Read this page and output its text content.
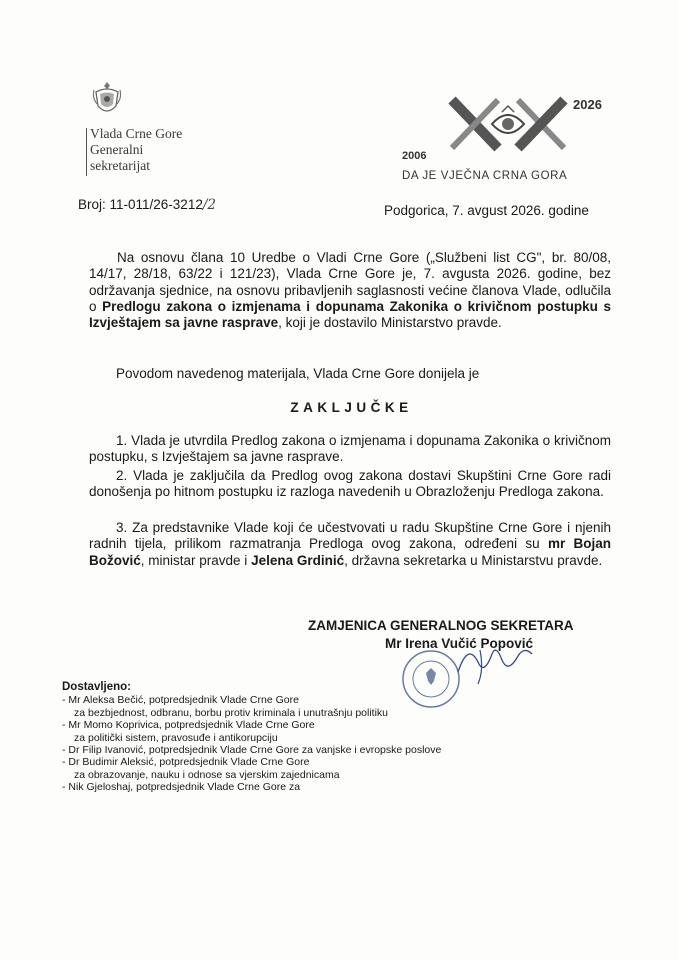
Vlada Crne Gore
Generalni
sekretarijat
2026
2006
DA JE VJEČNA CRNA GORA
Broj: 11-011/26-3212/2	Podgorica, 7. avgust 2026. godine
Na osnovu člana 10 Uredbe o Vladi Crne Gore („Službeni list CG", br. 80/08, 14/17, 28/18, 63/22 i 121/23), Vlada Crne Gore je, 7. avgusta 2026. godine, bez održavanja sjednice, na osnovu pribavljenih saglasnosti većine članova Vlade, odlučila o Predlogu zakona o izmjenama i dopunama Zakonika o krivičnom postupku s Izvještajem sa javne rasprave, koji je dostavilo Ministarstvo pravde.
Povodom navedenog materijala, Vlada Crne Gore donijela je
ZAKLJUČKE
1. Vlada je utvrdila Predlog zakona o izmjenama i dopunama Zakonika o krivičnom postupku, s Izvještajem sa javne rasprave.
2. Vlada je zaključila da Predlog ovog zakona dostavi Skupštini Crne Gore radi donošenja po hitnom postupku iz razloga navedenih u Obrazloženju Predloga zakona.
3. Za predstavnike Vlade koji će učestvovati u radu Skupštine Crne Gore i njenih radnih tijela, prilikom razmatranja Predloga ovog zakona, određeni su mr Bojan Božović, ministar pravde i Jelena Grdinić, državna sekretarka u Ministarstvu pravde.
ZAMJENICA GENERALNOG SEKRETARA
Mr Irena Vučić Popović
Dostavljeno:
- Mr Aleksa Bečić, potpredsjednik Vlade Crne Gore
za bezbjednost, odbranu, borbu protiv kriminala i unutrašnju politiku
- Mr Momo Koprivica, potpredsjednik Vlade Crne Gore
za politički sistem, pravosuđe i antikorupciju
- Dr Filip Ivanović, potpredsjednik Vlade Crne Gore za vanjske i evropske poslove
- Dr Budimir Aleksić, potpredsjednik Vlade Crne Gore
za obrazovanje, nauku i odnose sa vjerskim zajednicama
- Nik Gjeloshaj, potpredsjednik Vlade Crne Gore za
